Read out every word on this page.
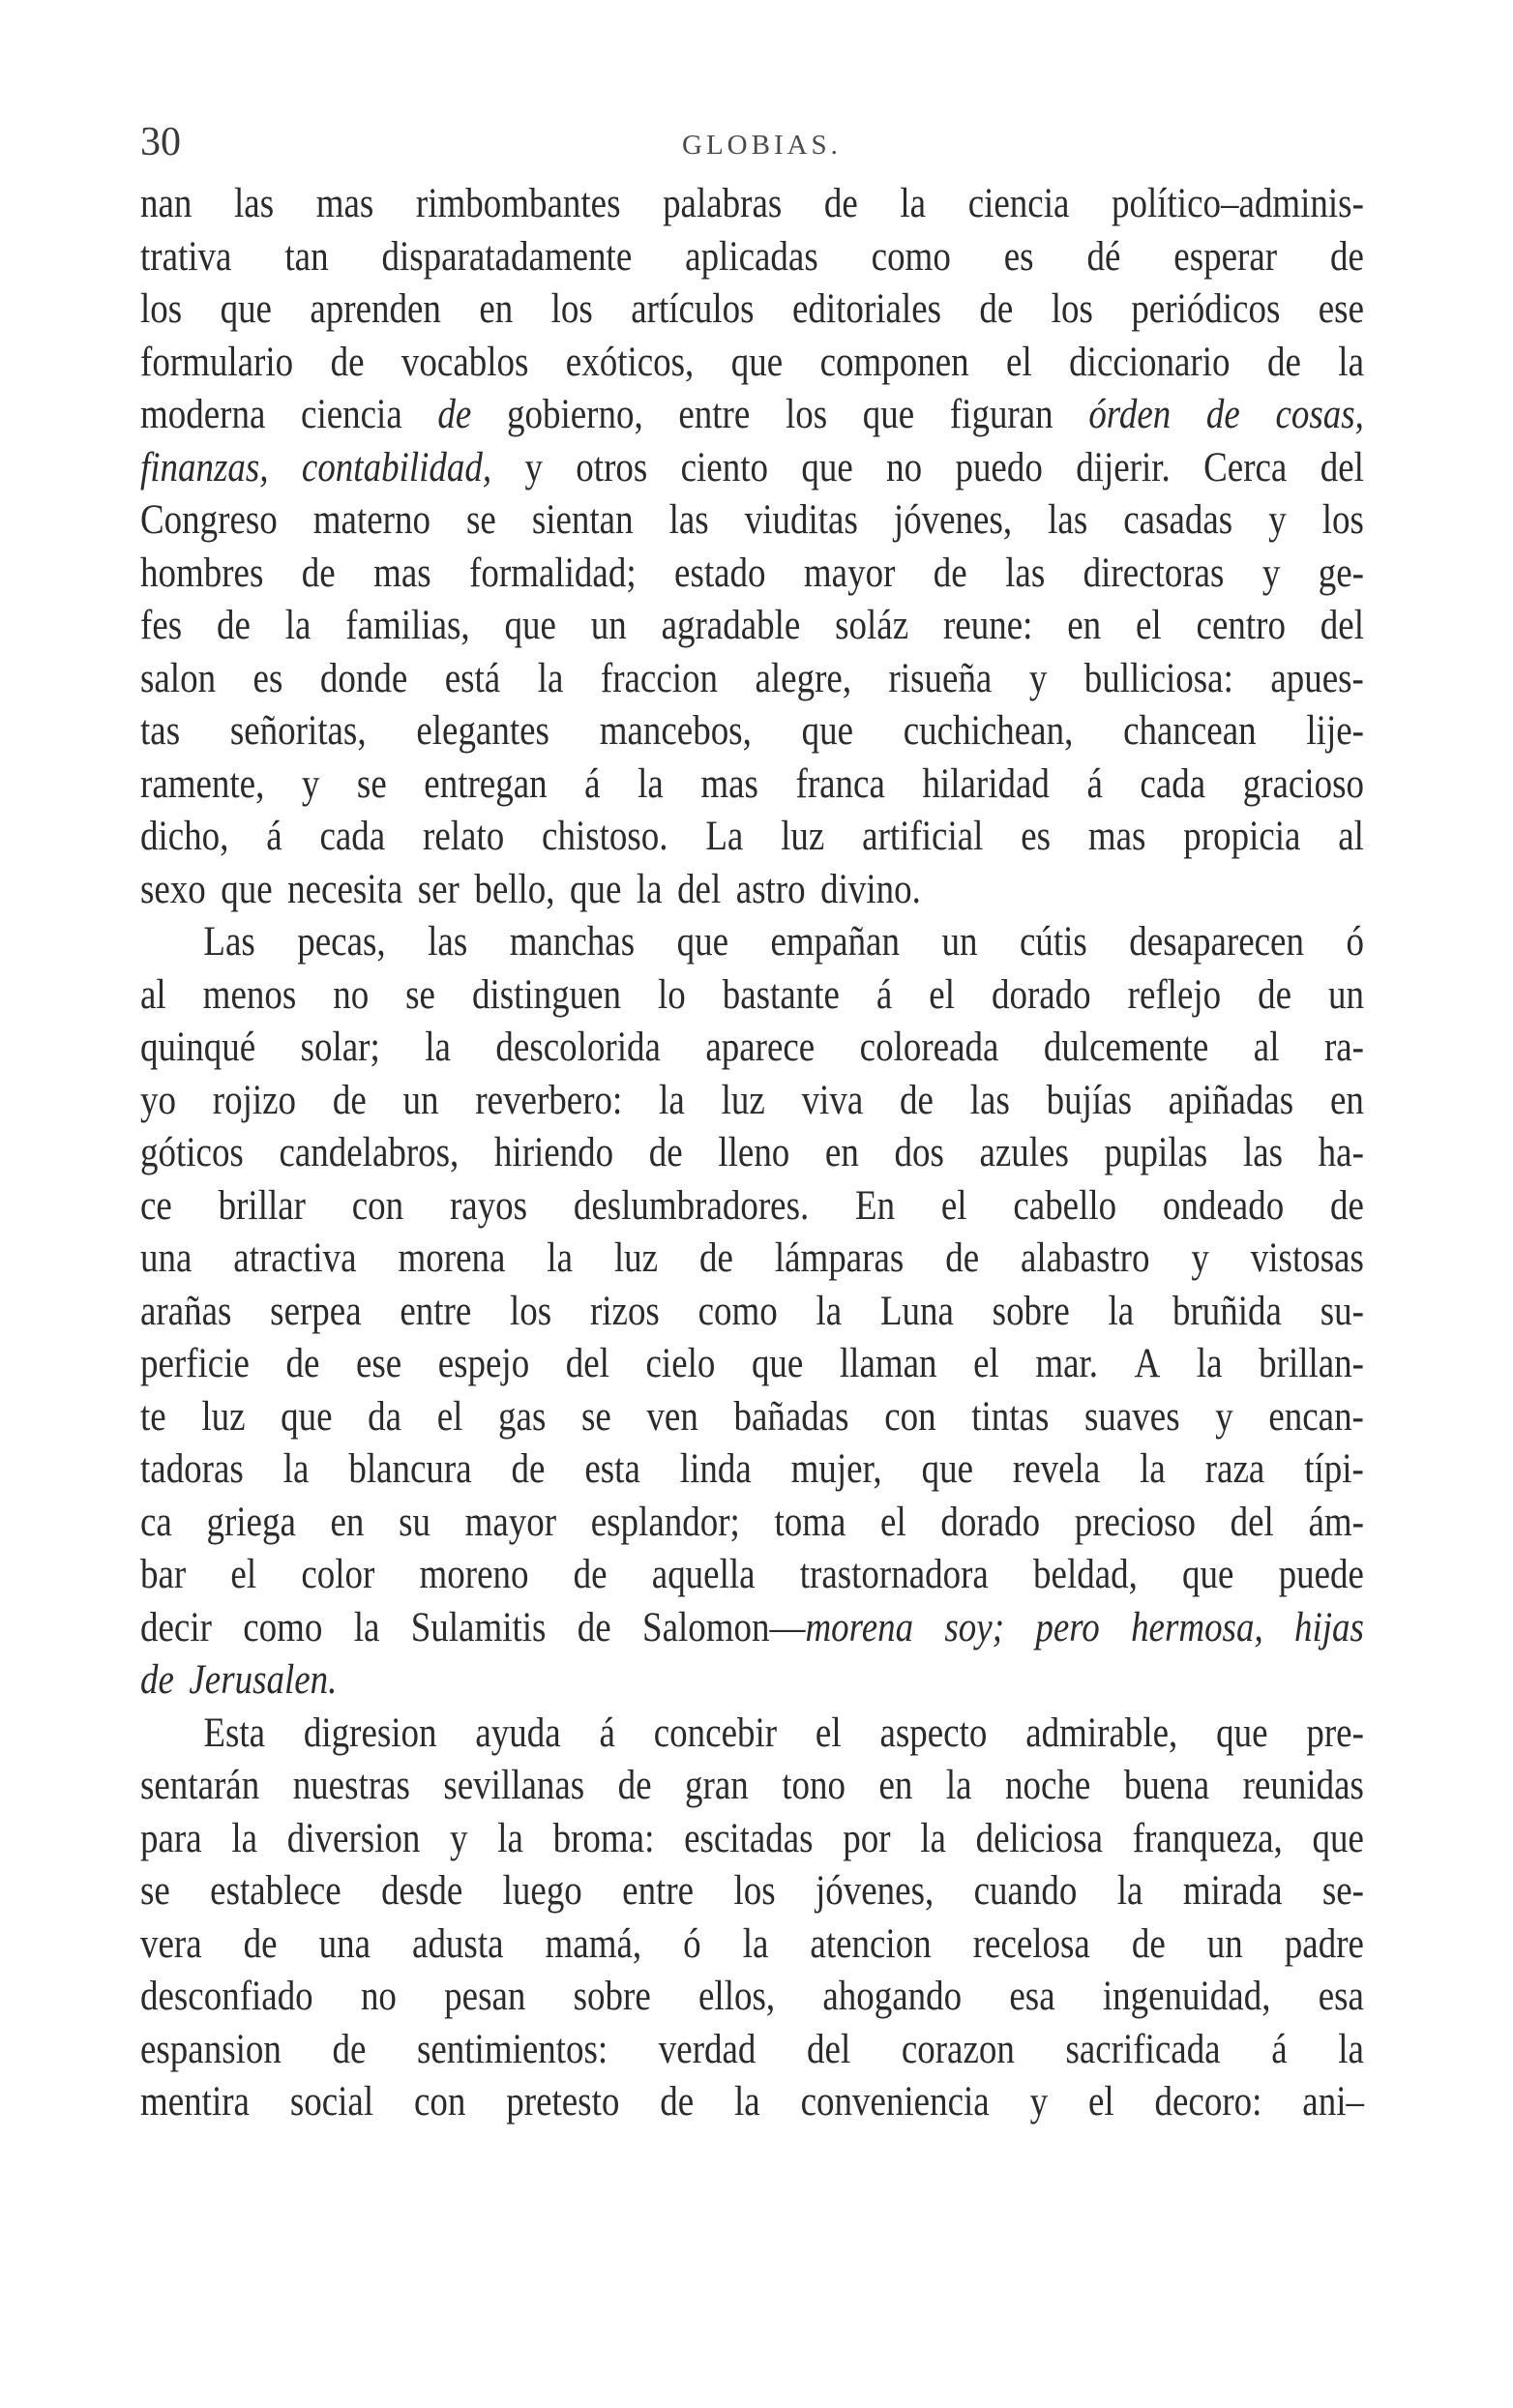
30	GLOBIAS.
nan las mas rimbombantes palabras de la ciencia político–adminis-
trativa tan disparatadamente aplicadas como es dé esperar de
los que aprenden en los artículos editoriales de los periódicos ese
formulario de vocablos exóticos, que componen el diccionario de la
moderna ciencia de gobierno, entre los que figuran órden de cosas,
finanzas, contabilidad, y otros ciento que no puedo dijerir. Cerca del
Congreso materno se sientan las viuditas jóvenes, las casadas y los
hombres de mas formalidad; estado mayor de las directoras y ge-
fes de la familias, que un agradable soláz reune: en el centro del
salon es donde está la fraccion alegre, risueña y bulliciosa: apues-
tas señoritas, elegantes mancebos, que cuchichean, chancean lije-
ramente, y se entregan á la mas franca hilaridad á cada gracioso
dicho, á cada relato chistoso. La luz artificial es mas propicia al
sexo que necesita ser bello, que la del astro divino.
Las pecas, las manchas que empañan un cútis desaparecen ó
al menos no se distinguen lo bastante á el dorado reflejo de un
quinqué solar; la descolorida aparece coloreada dulcemente al ra-
yo rojizo de un reverbero: la luz viva de las bujías apiñadas en
góticos candelabros, hiriendo de lleno en dos azules pupilas las ha-
ce brillar con rayos deslumbradores. En el cabello ondeado de
una atractiva morena la luz de lámparas de alabastro y vistosas
arañas serpea entre los rizos como la Luna sobre la bruñida su-
perficie de ese espejo del cielo que llaman el mar. A la brillan-
te luz que da el gas se ven bañadas con tintas suaves y encan-
tadoras la blancura de esta linda mujer, que revela la raza típi-
ca griega en su mayor esplandor; toma el dorado precioso del ám-
bar el color moreno de aquella trastornadora beldad, que puede
decir como la Sulamitis de Salomon—morena soy; pero hermosa, hijas
de Jerusalen.
Esta digresion ayuda á concebir el aspecto admirable, que pre-
sentarán nuestras sevillanas de gran tono en la noche buena reunidas
para la diversion y la broma: escitadas por la deliciosa franqueza, que
se establece desde luego entre los jóvenes, cuando la mirada se-
vera de una adusta mamá, ó la atencion recelosa de un padre
desconfiado no pesan sobre ellos, ahogando esa ingenuidad, esa
espansion de sentimientos: verdad del corazon sacrificada á la
mentira social con pretesto de la conveniencia y el decoro: ani–
